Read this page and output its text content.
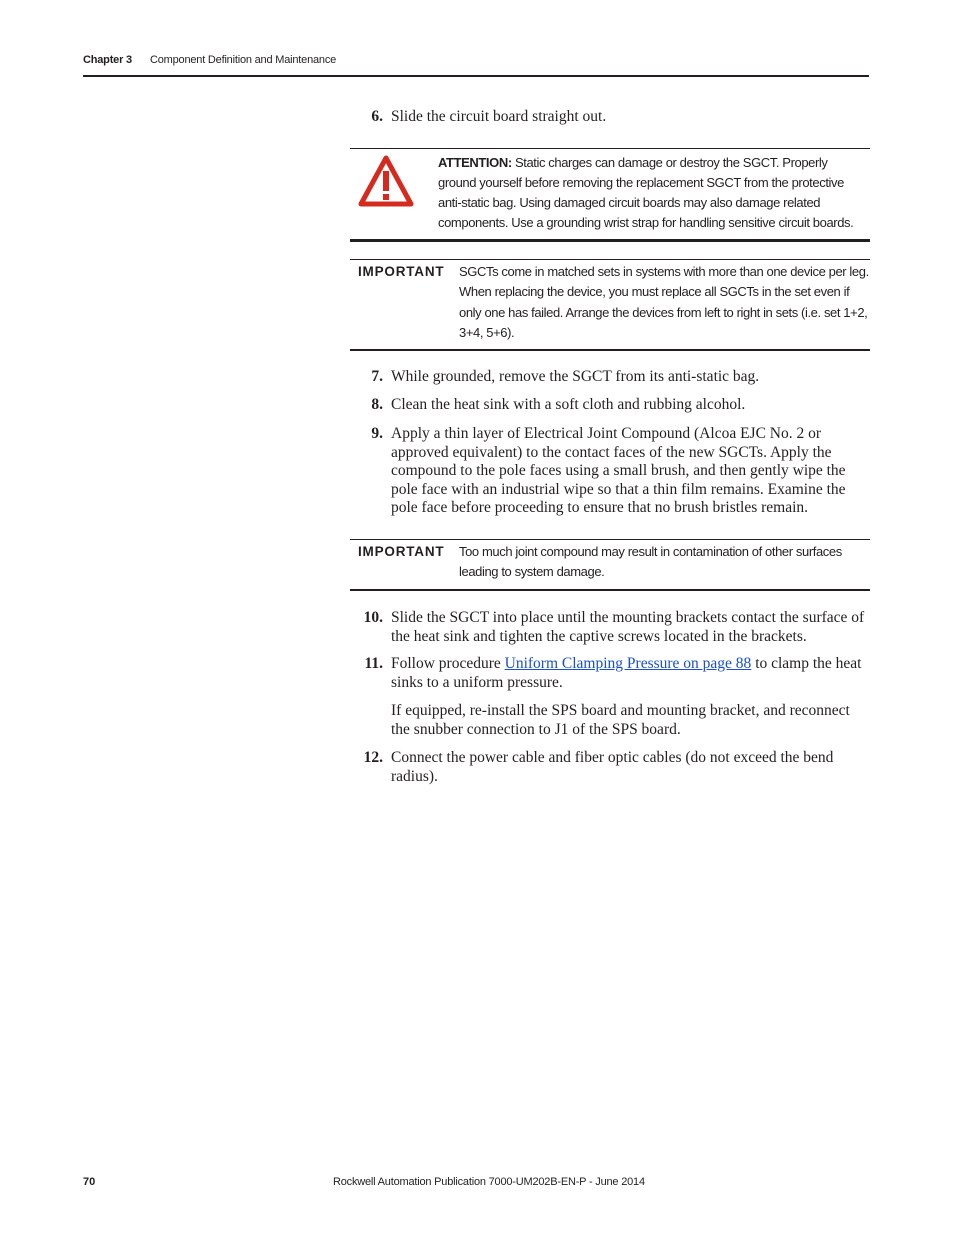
Chapter 3 Component Definition and Maintenance
6. Slide the circuit board straight out.
ATTENTION: Static charges can damage or destroy the SGCT. Properly ground yourself before removing the replacement SGCT from the protective anti-static bag. Using damaged circuit boards may also damage related components. Use a grounding wrist strap for handling sensitive circuit boards.
IMPORTANT SGCTs come in matched sets in systems with more than one device per leg. When replacing the device, you must replace all SGCTs in the set even if only one has failed. Arrange the devices from left to right in sets (i.e. set 1+2, 3+4, 5+6).
7. While grounded, remove the SGCT from its anti-static bag.
8. Clean the heat sink with a soft cloth and rubbing alcohol.
9. Apply a thin layer of Electrical Joint Compound (Alcoa EJC No. 2 or approved equivalent) to the contact faces of the new SGCTs. Apply the compound to the pole faces using a small brush, and then gently wipe the pole face with an industrial wipe so that a thin film remains. Examine the pole face before proceeding to ensure that no brush bristles remain.
IMPORTANT Too much joint compound may result in contamination of other surfaces leading to system damage.
10. Slide the SGCT into place until the mounting brackets contact the surface of the heat sink and tighten the captive screws located in the brackets.
11. Follow procedure Uniform Clamping Pressure on page 88 to clamp the heat sinks to a uniform pressure.
If equipped, re-install the SPS board and mounting bracket, and reconnect the snubber connection to J1 of the SPS board.
12. Connect the power cable and fiber optic cables (do not exceed the bend radius).
70	Rockwell Automation Publication 7000-UM202B-EN-P - June 2014
